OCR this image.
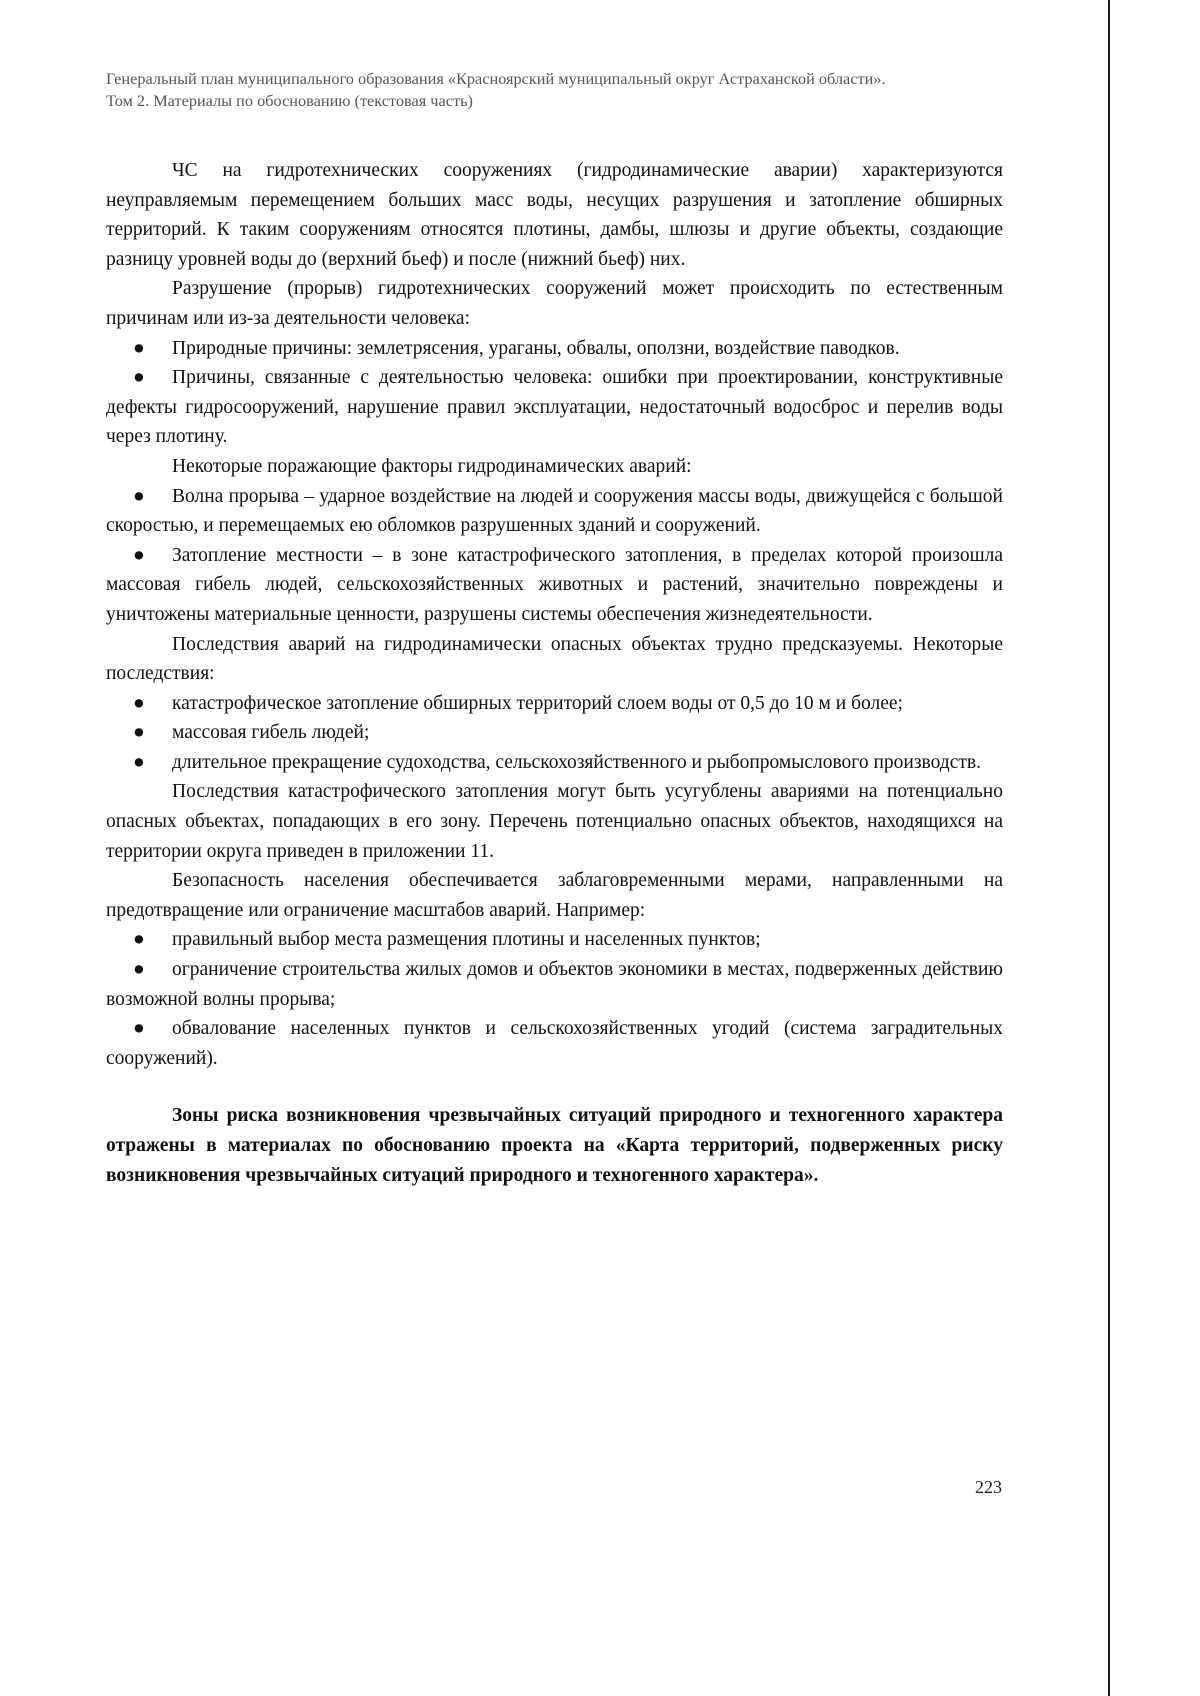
Генеральный план муниципального образования «Красноярский муниципальный округ Астраханской области».
Том 2. Материалы по обоснованию (текстовая часть)

ЧС на гидротехнических сооружениях (гидродинамические аварии) характеризуются неуправляемым перемещением больших масс воды, несущих разрушения и затопление обширных территорий. К таким сооружениям относятся плотины, дамбы, шлюзы и другие объекты, создающие разницу уровней воды до (верхний бьеф) и после (нижний бьеф) них.

Разрушение (прорыв) гидротехнических сооружений может происходить по естественным причинам или из-за деятельности человека:

● Природные причины: землетрясения, ураганы, обвалы, оползни, воздействие паводков.

● Причины, связанные с деятельностью человека: ошибки при проектировании, конструктивные дефекты гидросооружений, нарушение правил эксплуатации, недостаточный водосброс и перелив воды через плотину.

Некоторые поражающие факторы гидродинамических аварий:

● Волна прорыва – ударное воздействие на людей и сооружения массы воды, движущейся с большой скоростью, и перемещаемых ею обломков разрушенных зданий и сооружений.

● Затопление местности – в зоне катастрофического затопления, в пределах которой произошла массовая гибель людей, сельскохозяйственных животных и растений, значительно повреждены и уничтожены материальные ценности, разрушены системы обеспечения жизнедеятельности.

Последствия аварий на гидродинамически опасных объектах трудно предсказуемы. Некоторые последствия:

● катастрофическое затопление обширных территорий слоем воды от 0,5 до 10 м и более;

● массовая гибель людей;

● длительное прекращение судоходства, сельскохозяйственного и рыбопромыслового производств.

Последствия катастрофического затопления могут быть усугублены авариями на потенциально опасных объектах, попадающих в его зону. Перечень потенциально опасных объектов, находящихся на территории округа приведен в приложении 11.

Безопасность населения обеспечивается заблаговременными мерами, направленными на предотвращение или ограничение масштабов аварий. Например:

● правильный выбор места размещения плотины и населенных пунктов;

● ограничение строительства жилых домов и объектов экономики в местах, подверженных действию возможной волны прорыва;

● обвалование населенных пунктов и сельскохозяйственных угодий (система заградительных сооружений).

Зоны риска возникновения чрезвычайных ситуаций природного и техногенного характера отражены в материалах по обоснованию проекта на «Карта территорий, подверженных риску возникновения чрезвычайных ситуаций природного и техногенного характера».

223
